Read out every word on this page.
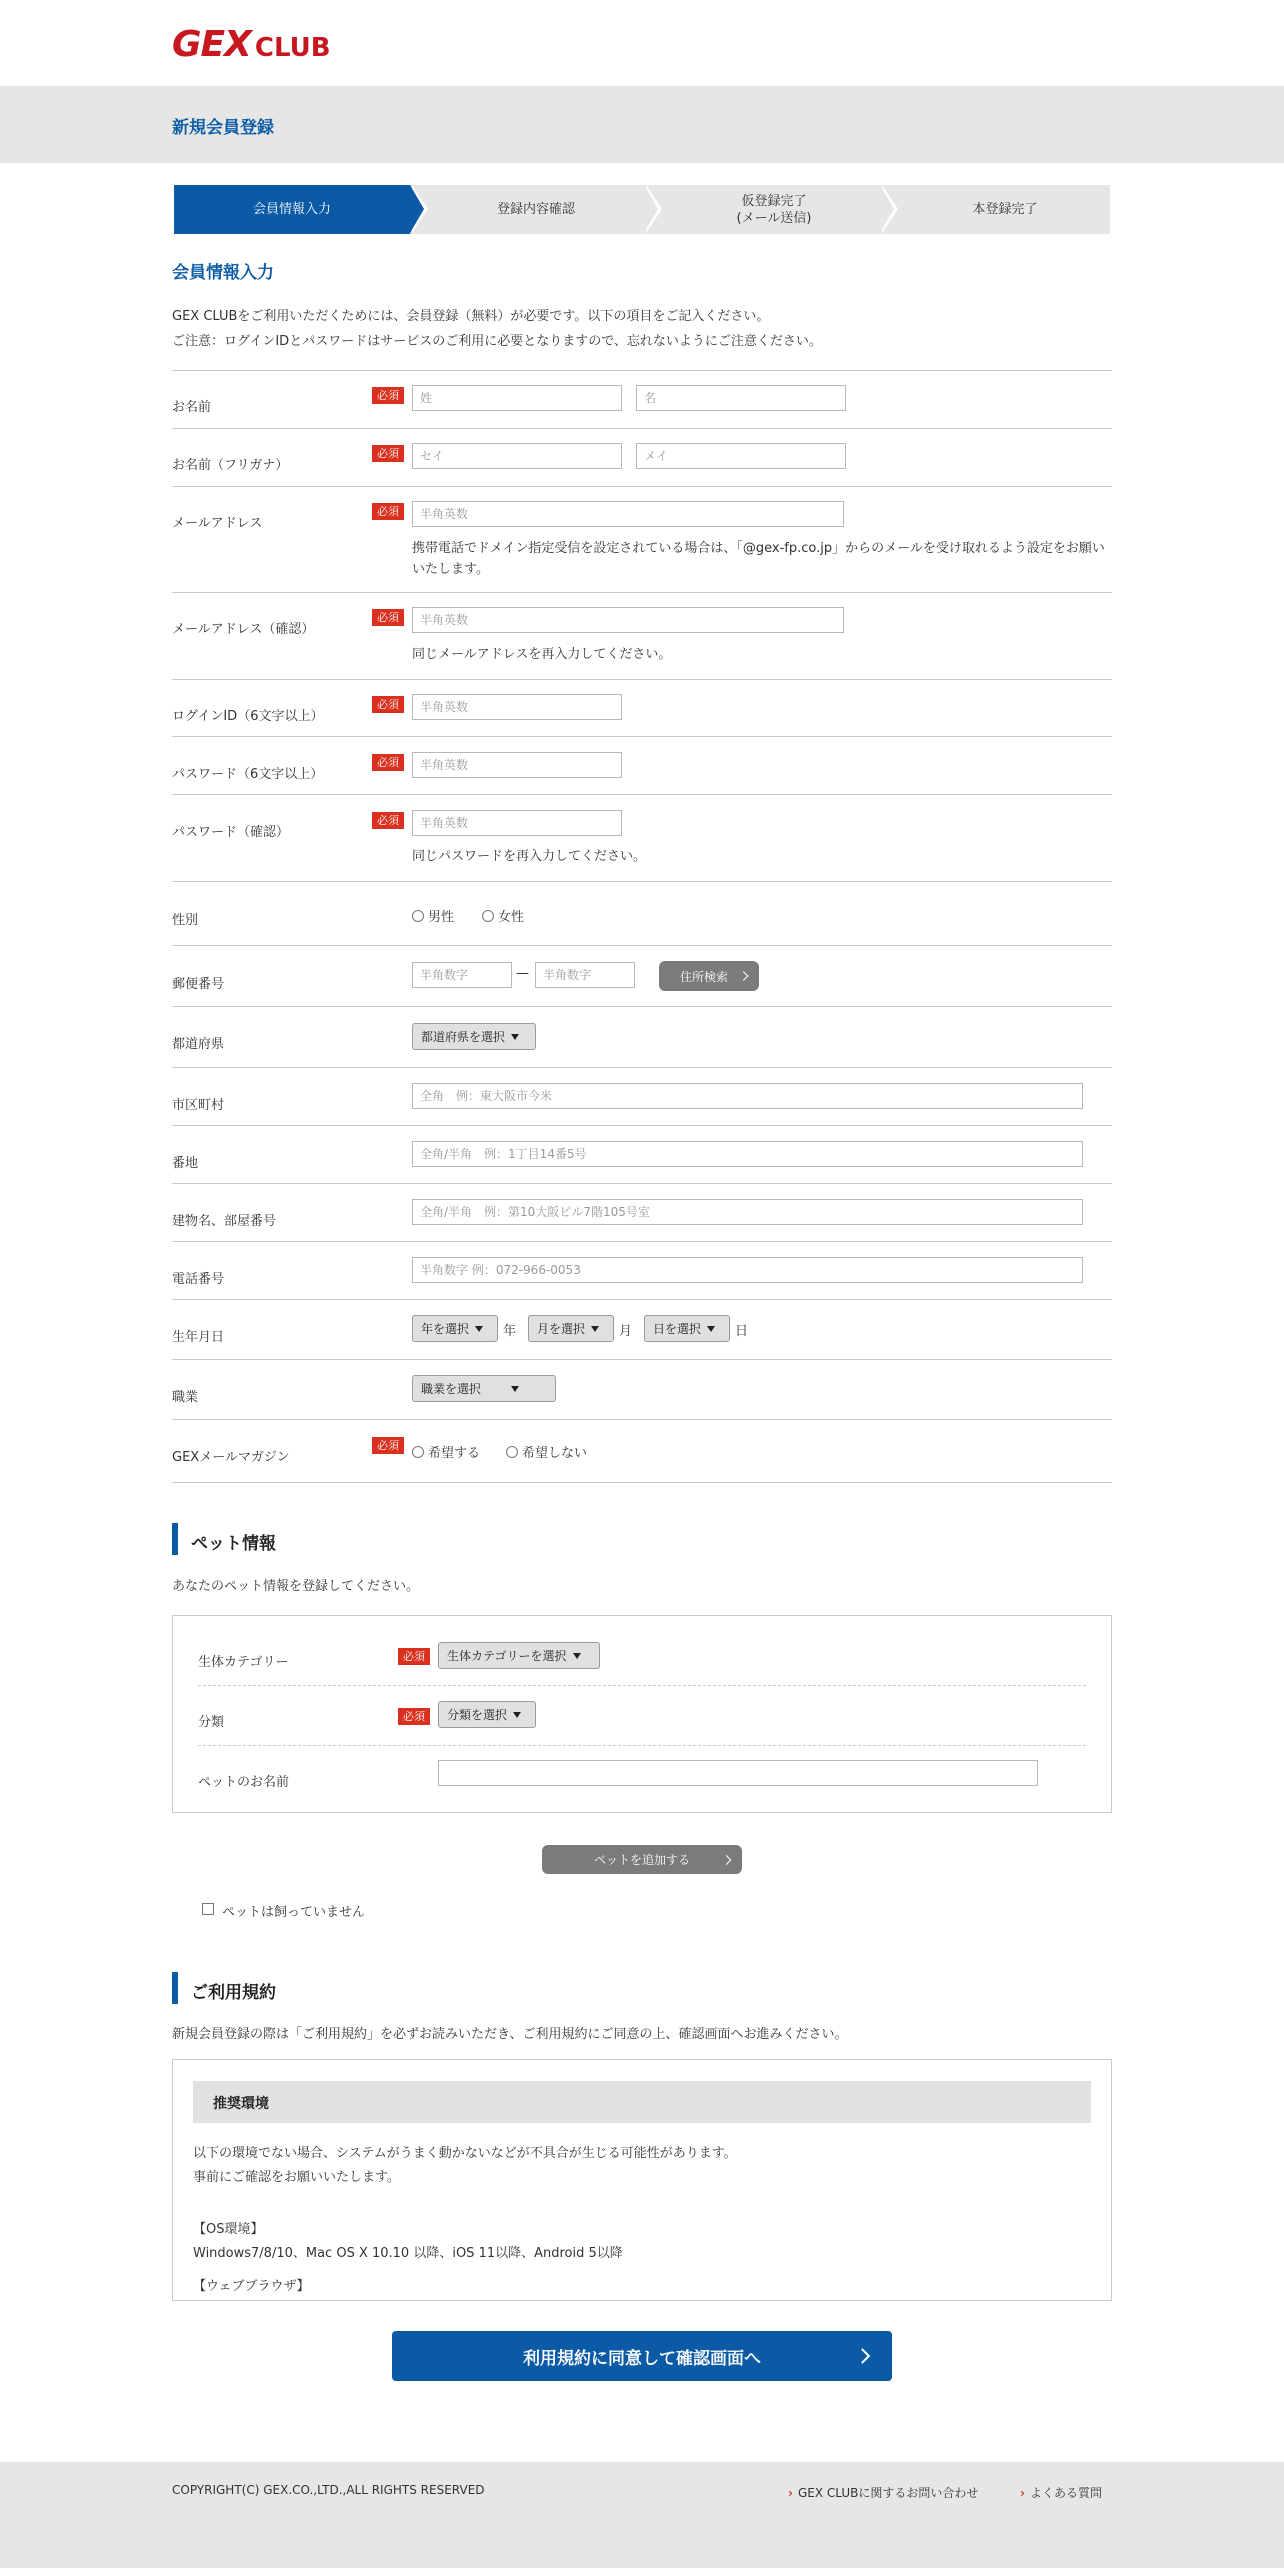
GEX CLUB
新規会員登録
会員情報入力	登録内容確認
仮登録完了
(メール送信)
本登録完了
会員情報入力
GEX CLUBをご利用いただくためには、会員登録（無料）が必要です。以下の項目をご記入ください。
ご注意：ログインIDとパスワードはサービスのご利用に必要となりますので、忘れないようにご注意ください。
お名前
必須	姓	名
お名前（フリガナ）
必須	セイ	メイ
メールアドレス
必須	半角英数
携帯電話でドメイン指定受信を設定されている場合は、「@gex-fp.co.jp」からのメールを受け取れるよう設定をお願いいたします。
メールアドレス（確認）
必須	半角英数
同じメールアドレスを再入力してください。
ログインID（6文字以上）
必須	半角英数
パスワード（6文字以上）
必須	半角英数
パスワード（確認）
必須	半角英数
同じパスワードを再入力してください。
性別	男性	女性
郵便番号
半角数字	—	半角数字	住所検索
都道府県	都道府県を選択
市区町村
全角　例：東大阪市今米
番地
全角/半角　例：1丁目14番5号
建物名、部屋番号
全角/半角　例：第10大阪ビル7階105号室
電話番号
半角数字 例：072-966-0053
生年月日
年を選択	年 月を選択	月 日を選択	日
職業
職業を選択
GEXメールマガジン
必須
希望する	希望しない
ペット情報
あなたのペット情報を登録してください。
生体カテゴリー	必須	生体カテゴリーを選択
分類	必須	分類を選択
ペットのお名前
ペットを追加する
ペットは飼っていません
ご利用規約
新規会員登録の際は「ご利用規約」を必ずお読みいただき、ご利用規約にご同意の上、確認画面へお進みください。
推奨環境
以下の環境でない場合、システムがうまく動かないなどが不具合が生じる可能性があります。
事前にご確認をお願いいたします。
【OS環境】
Windows7/8/10、Mac OS X 10.10 以降、iOS 11以降、Android 5以降
【ウェブブラウザ】
利用規約に同意して確認画面へ
COPYRIGHT(C) GEX.CO.,LTD.,ALL RIGHTS RESERVED	› GEX CLUBに関するお問い合わせ	› よくある質問
